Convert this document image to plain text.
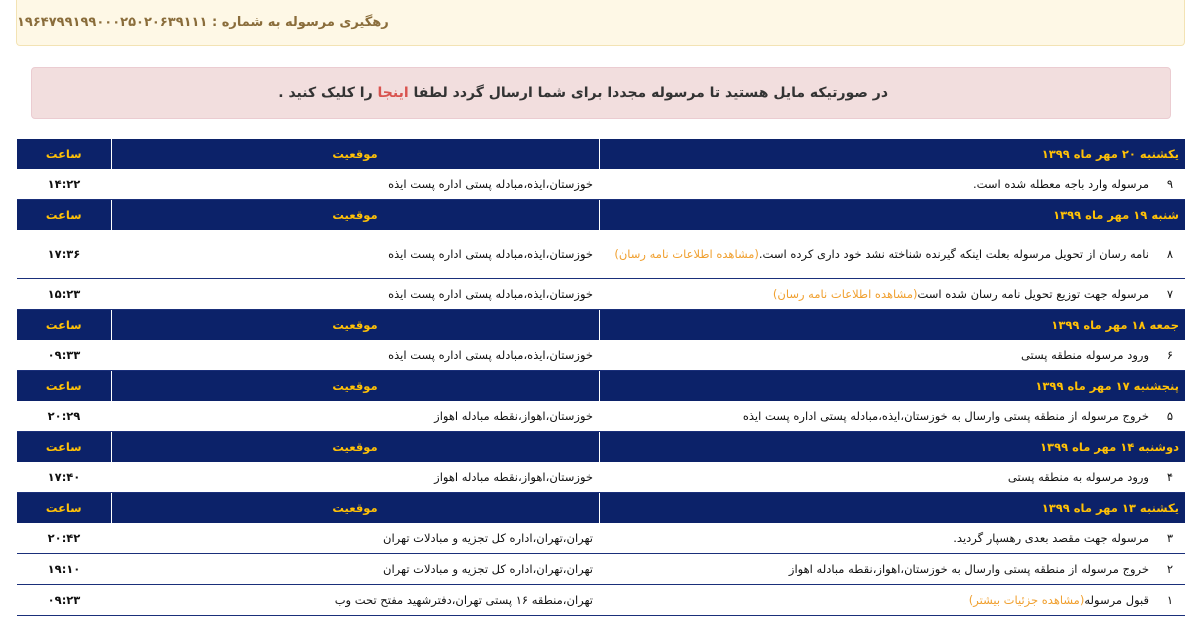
رهگیری مرسوله به شماره : ۱۹۶۴۷۹۹۱۹۹۰۰۰۲۵۰۲۰۶۳۹۱۱۱
در صورتیکه مایل هستید تا مرسوله مجددا برای شما ارسال گردد لطفا اینجا را کلیک کنید .
یکشنبه ۲۰ مهر ماه ۱۳۹۹		موقعیت	ساعت
۹	مرسوله وارد باجه معطله شده است.	خوزستان،ایذه،مبادله پستی اداره پست ایذه	۱۴:۲۲
شنبه ۱۹ مهر ماه ۱۳۹۹		موقعیت	ساعت
۸	نامه رسان از تحویل مرسوله بعلت اینکه گیرنده شناخته نشد خود داری کرده است.(مشاهده اطلاعات نامه رسان)	خوزستان،ایذه،مبادله پستی اداره پست ایذه	۱۷:۳۶
۷	مرسوله جهت توزیع تحویل نامه رسان شده است(مشاهده اطلاعات نامه رسان)	خوزستان،ایذه،مبادله پستی اداره پست ایذه	۱۵:۲۳
جمعه ۱۸ مهر ماه ۱۳۹۹		موقعیت	ساعت
۶	ورود مرسوله منطقه پستی	خوزستان،ایذه،مبادله پستی اداره پست ایذه	۰۹:۳۳
پنجشنبه ۱۷ مهر ماه ۱۳۹۹		موقعیت	ساعت
۵	خروج مرسوله از منطقه پستی وارسال به خوزستان،ایذه،مبادله پستی اداره پست ایذه	خوزستان،اهواز،نقطه مبادله اهواز	۲۰:۲۹
دوشنبه ۱۴ مهر ماه ۱۳۹۹		موقعیت	ساعت
۴	ورود مرسوله به منطقه پستی	خوزستان،اهواز،نقطه مبادله اهواز	۱۷:۴۰
یکشنبه ۱۳ مهر ماه ۱۳۹۹		موقعیت	ساعت
۳	مرسوله جهت مقصد بعدی رهسپار گردید.	تهران،تهران،اداره کل تجزیه و مبادلات تهران	۲۰:۴۲
۲	خروج مرسوله از منطقه پستی وارسال به خوزستان،اهواز،نقطه مبادله اهواز	تهران،تهران،اداره کل تجزیه و مبادلات تهران	۱۹:۱۰
۱	قبول مرسوله(مشاهده جزئیات بیشتر)	تهران،منطقه ۱۶ پستی تهران،دفترشهید مفتح تحت وب	۰۹:۲۳
